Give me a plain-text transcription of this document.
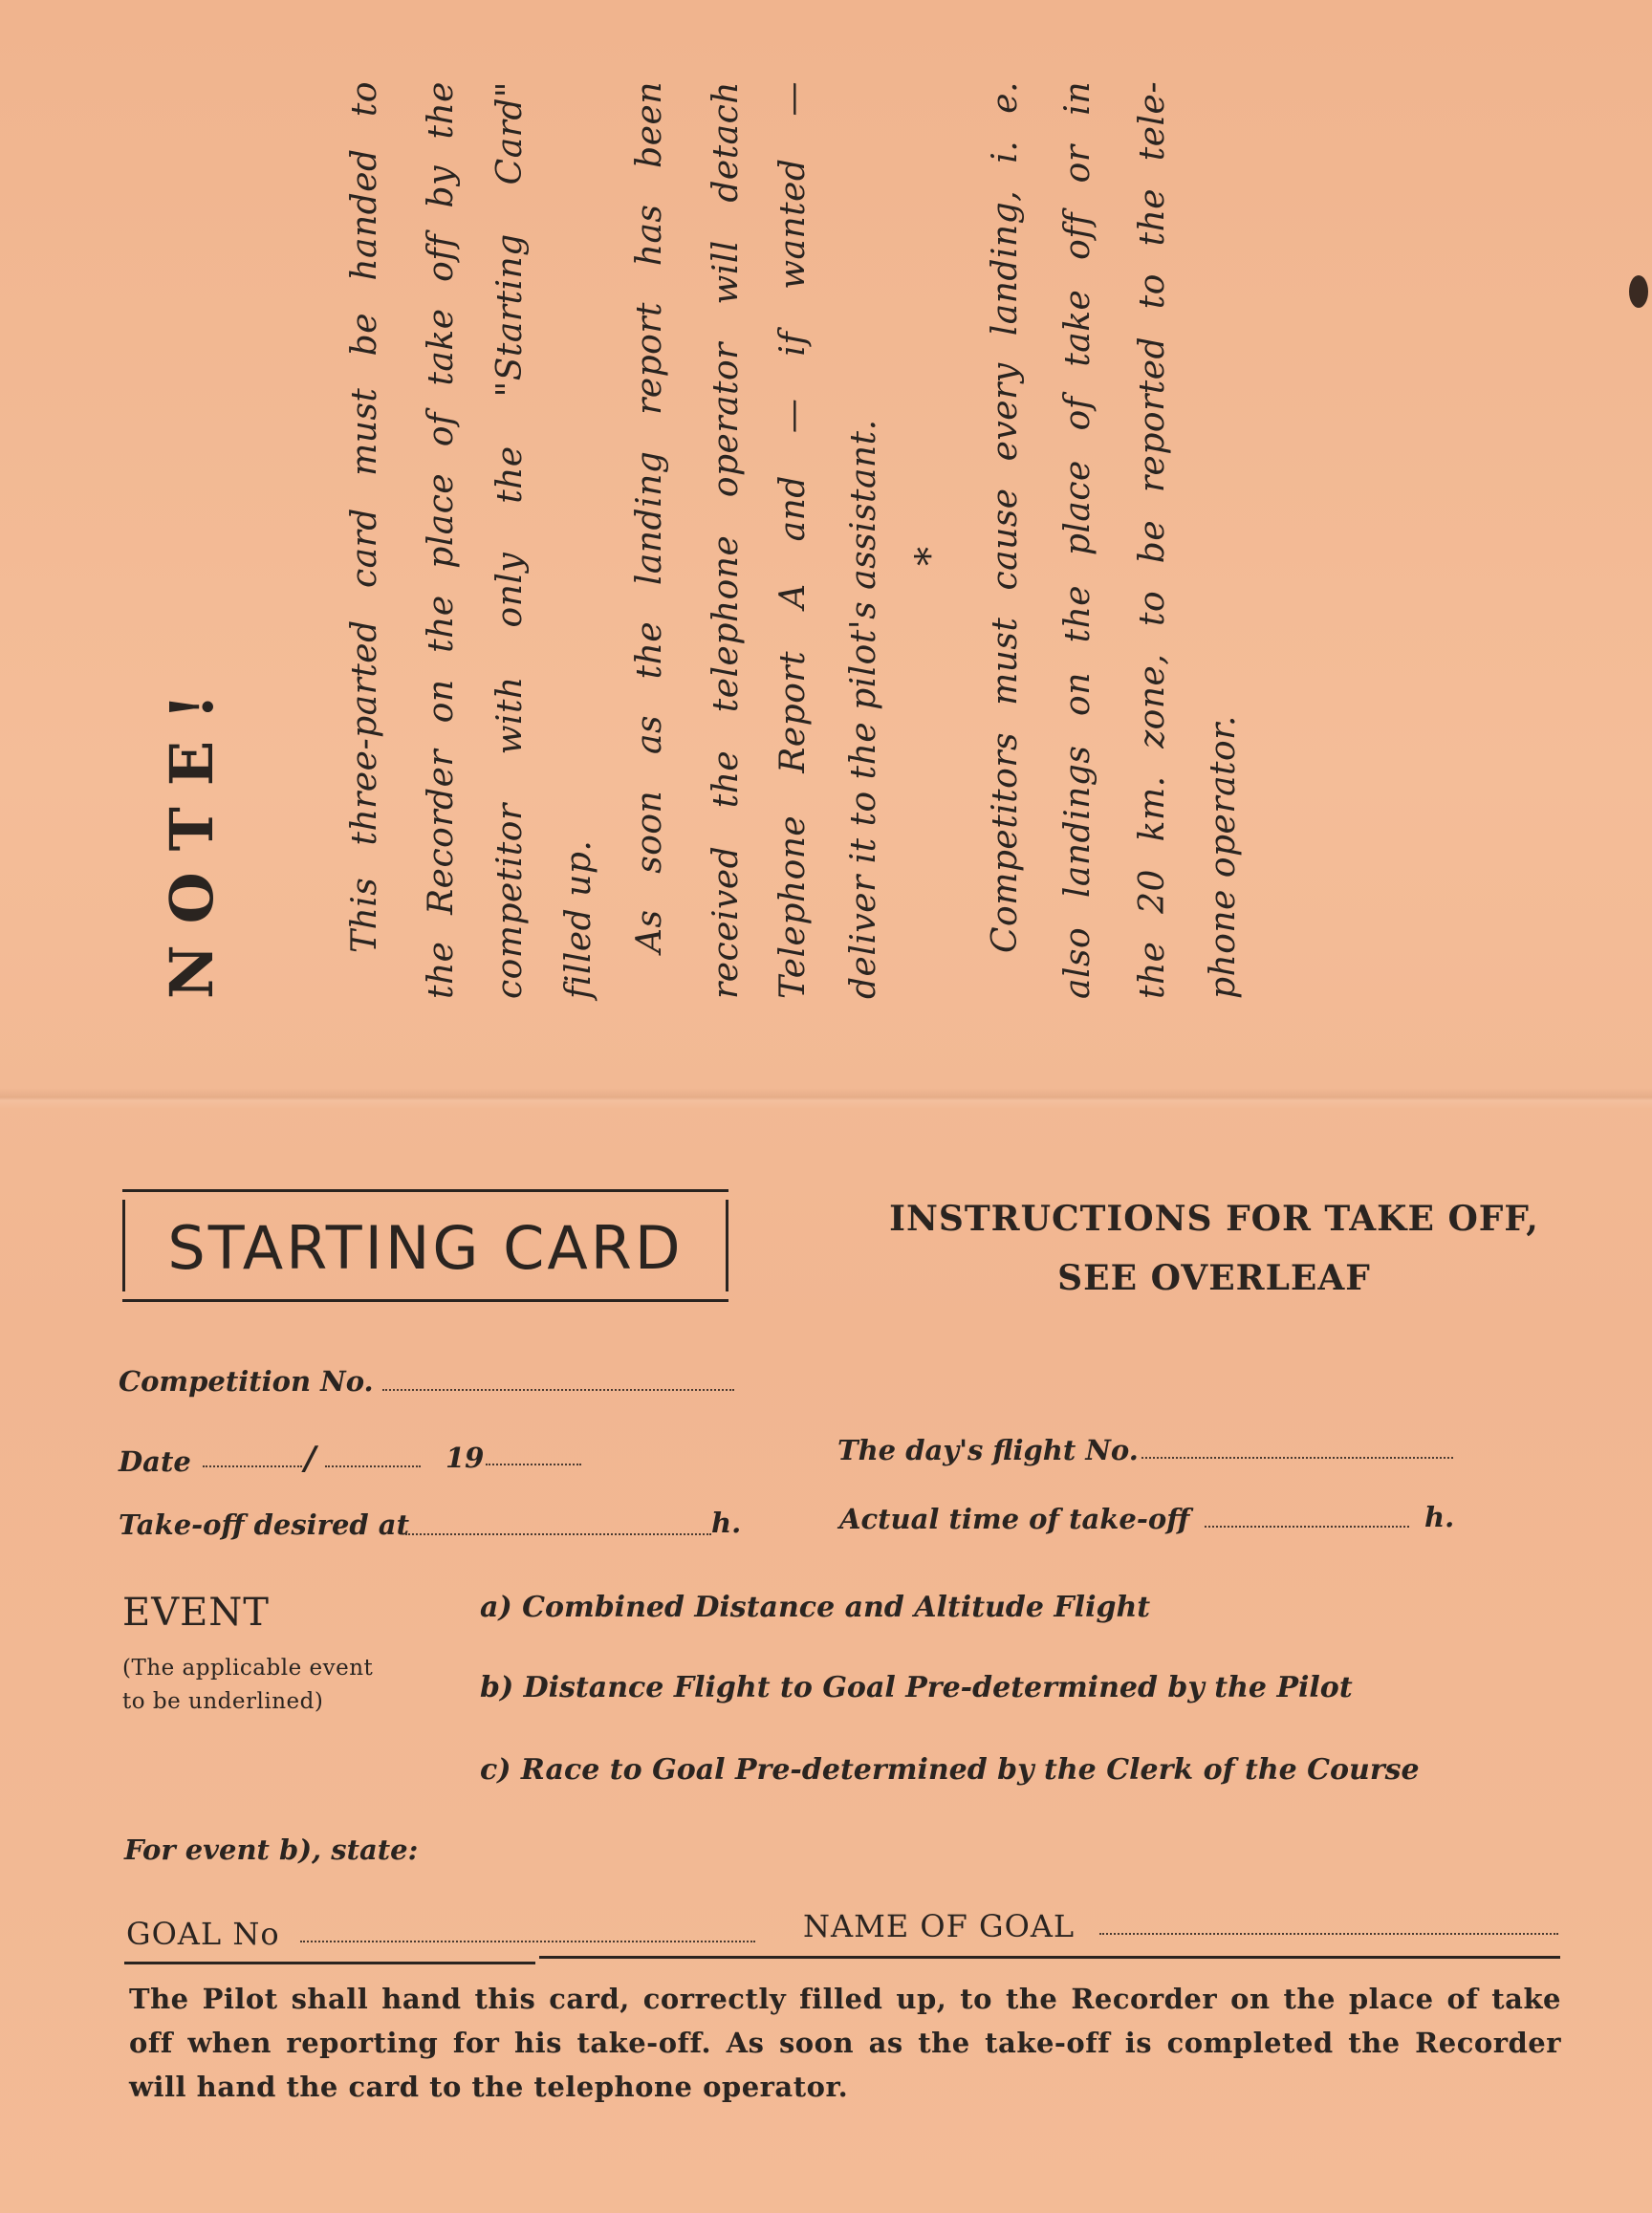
NOTE!	This three-parted card must be handed to the Recorder on the place of take off by the competitor with only the "Starting Card" filled up. As soon as the landing report has been received the telephone operator will detach Telephone Report A and — if wanted — deliver it to the pilot's assistant. * Competitors must cause every landing, i. e. also landings on the place of take off or in the 20 km. zone, to be reported to the tele- phone operator.
STARTING CARD	INSTRUCTIONS FOR TAKE OFF,
SEE OVERLEAF
Competition No.
Date	/	19	The day's flight No.
Take-off desired at	h.	Actual time of take-off	h.
EVENT
(The applicable event
to be underlined)
a) Combined Distance and Altitude Flight
b) Distance Flight to Goal Pre-determined by the Pilot
c) Race to Goal Pre-determined by the Clerk of the Course
For event b), state:
GOAL No	NAME OF GOAL
The Pilot shall hand this card, correctly filled up, to the Recorder on the place of take off when reporting for his take-off. As soon as the take-off is completed the Recorder will hand the card to the telephone operator.
